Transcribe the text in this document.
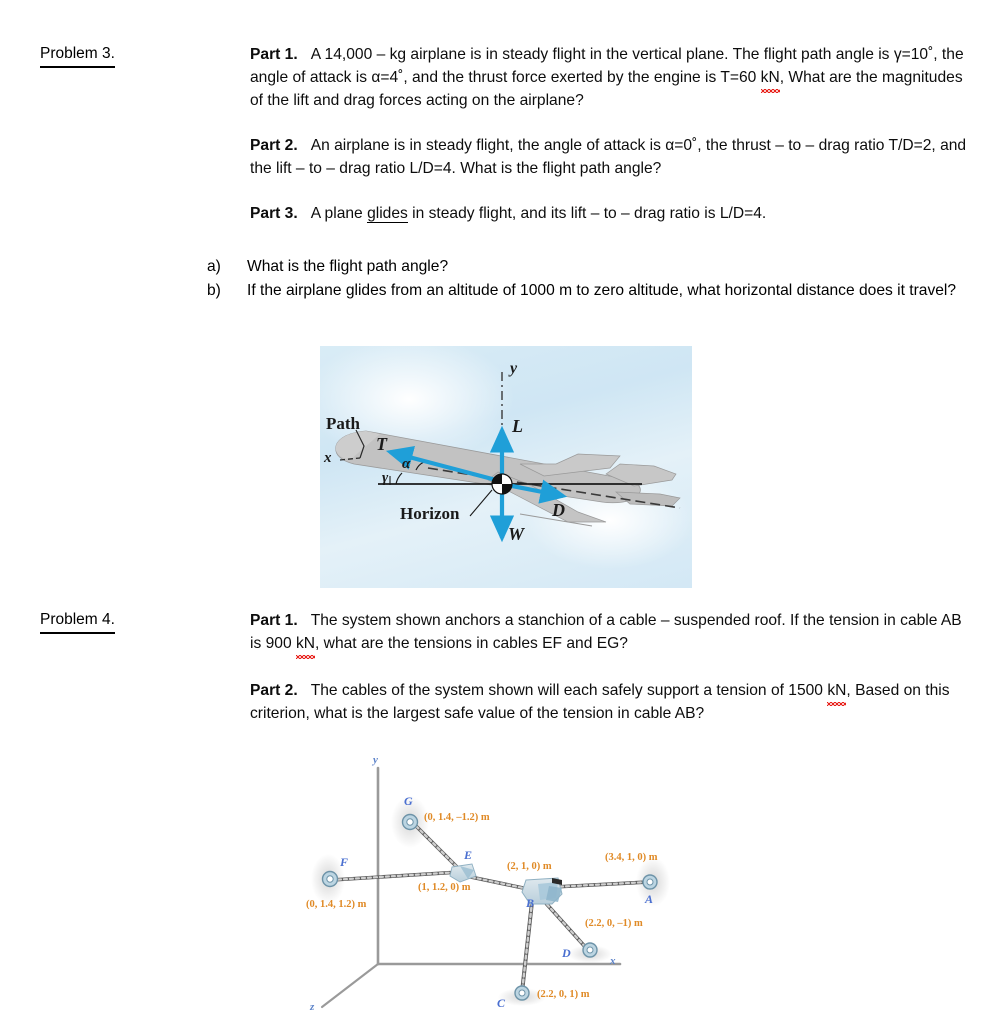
Problem 3.	Part 1. A 14,000 – kg airplane is in steady flight in the vertical plane. The flight path angle is γ=10˚, the angle of attack is α=4˚, and the thrust force exerted by the engine is T=60 kN, What are the magnitudes of the lift and drag forces acting on the airplane?
Part 2. An airplane is in steady flight, the angle of attack is α=0˚, the thrust – to – drag ratio T/D=2, and the lift – to – drag ratio L/D=4. What is the flight path angle?
Part 3. A plane glides in steady flight, and its lift – to – drag ratio is L/D=4.
a)	What is the flight path angle?
b)	If the airplane glides from an altitude of 1000 m to zero altitude, what horizontal distance does it travel?
Path
x
y
T
L
D
W
α
γ
Horizon
Problem 4.	Part 1. The system shown anchors a stanchion of a cable – suspended roof. If the tension in cable AB is 900 kN, what are the tensions in cables EF and EG?
Part 2. The cables of the system shown will each safely support a tension of 1500 kN, Based on this criterion, what is the largest safe value of the tension in cable AB?
y
x
z
G
F	E
B	A
D
C
(0, 1.4, –1.2) m
(0, 1.4, 1.2) m
(1, 1.2, 0) m
(2, 1, 0) m
(3.4, 1, 0) m
(2.2, 0, –1) m
(2.2, 0, 1) m
